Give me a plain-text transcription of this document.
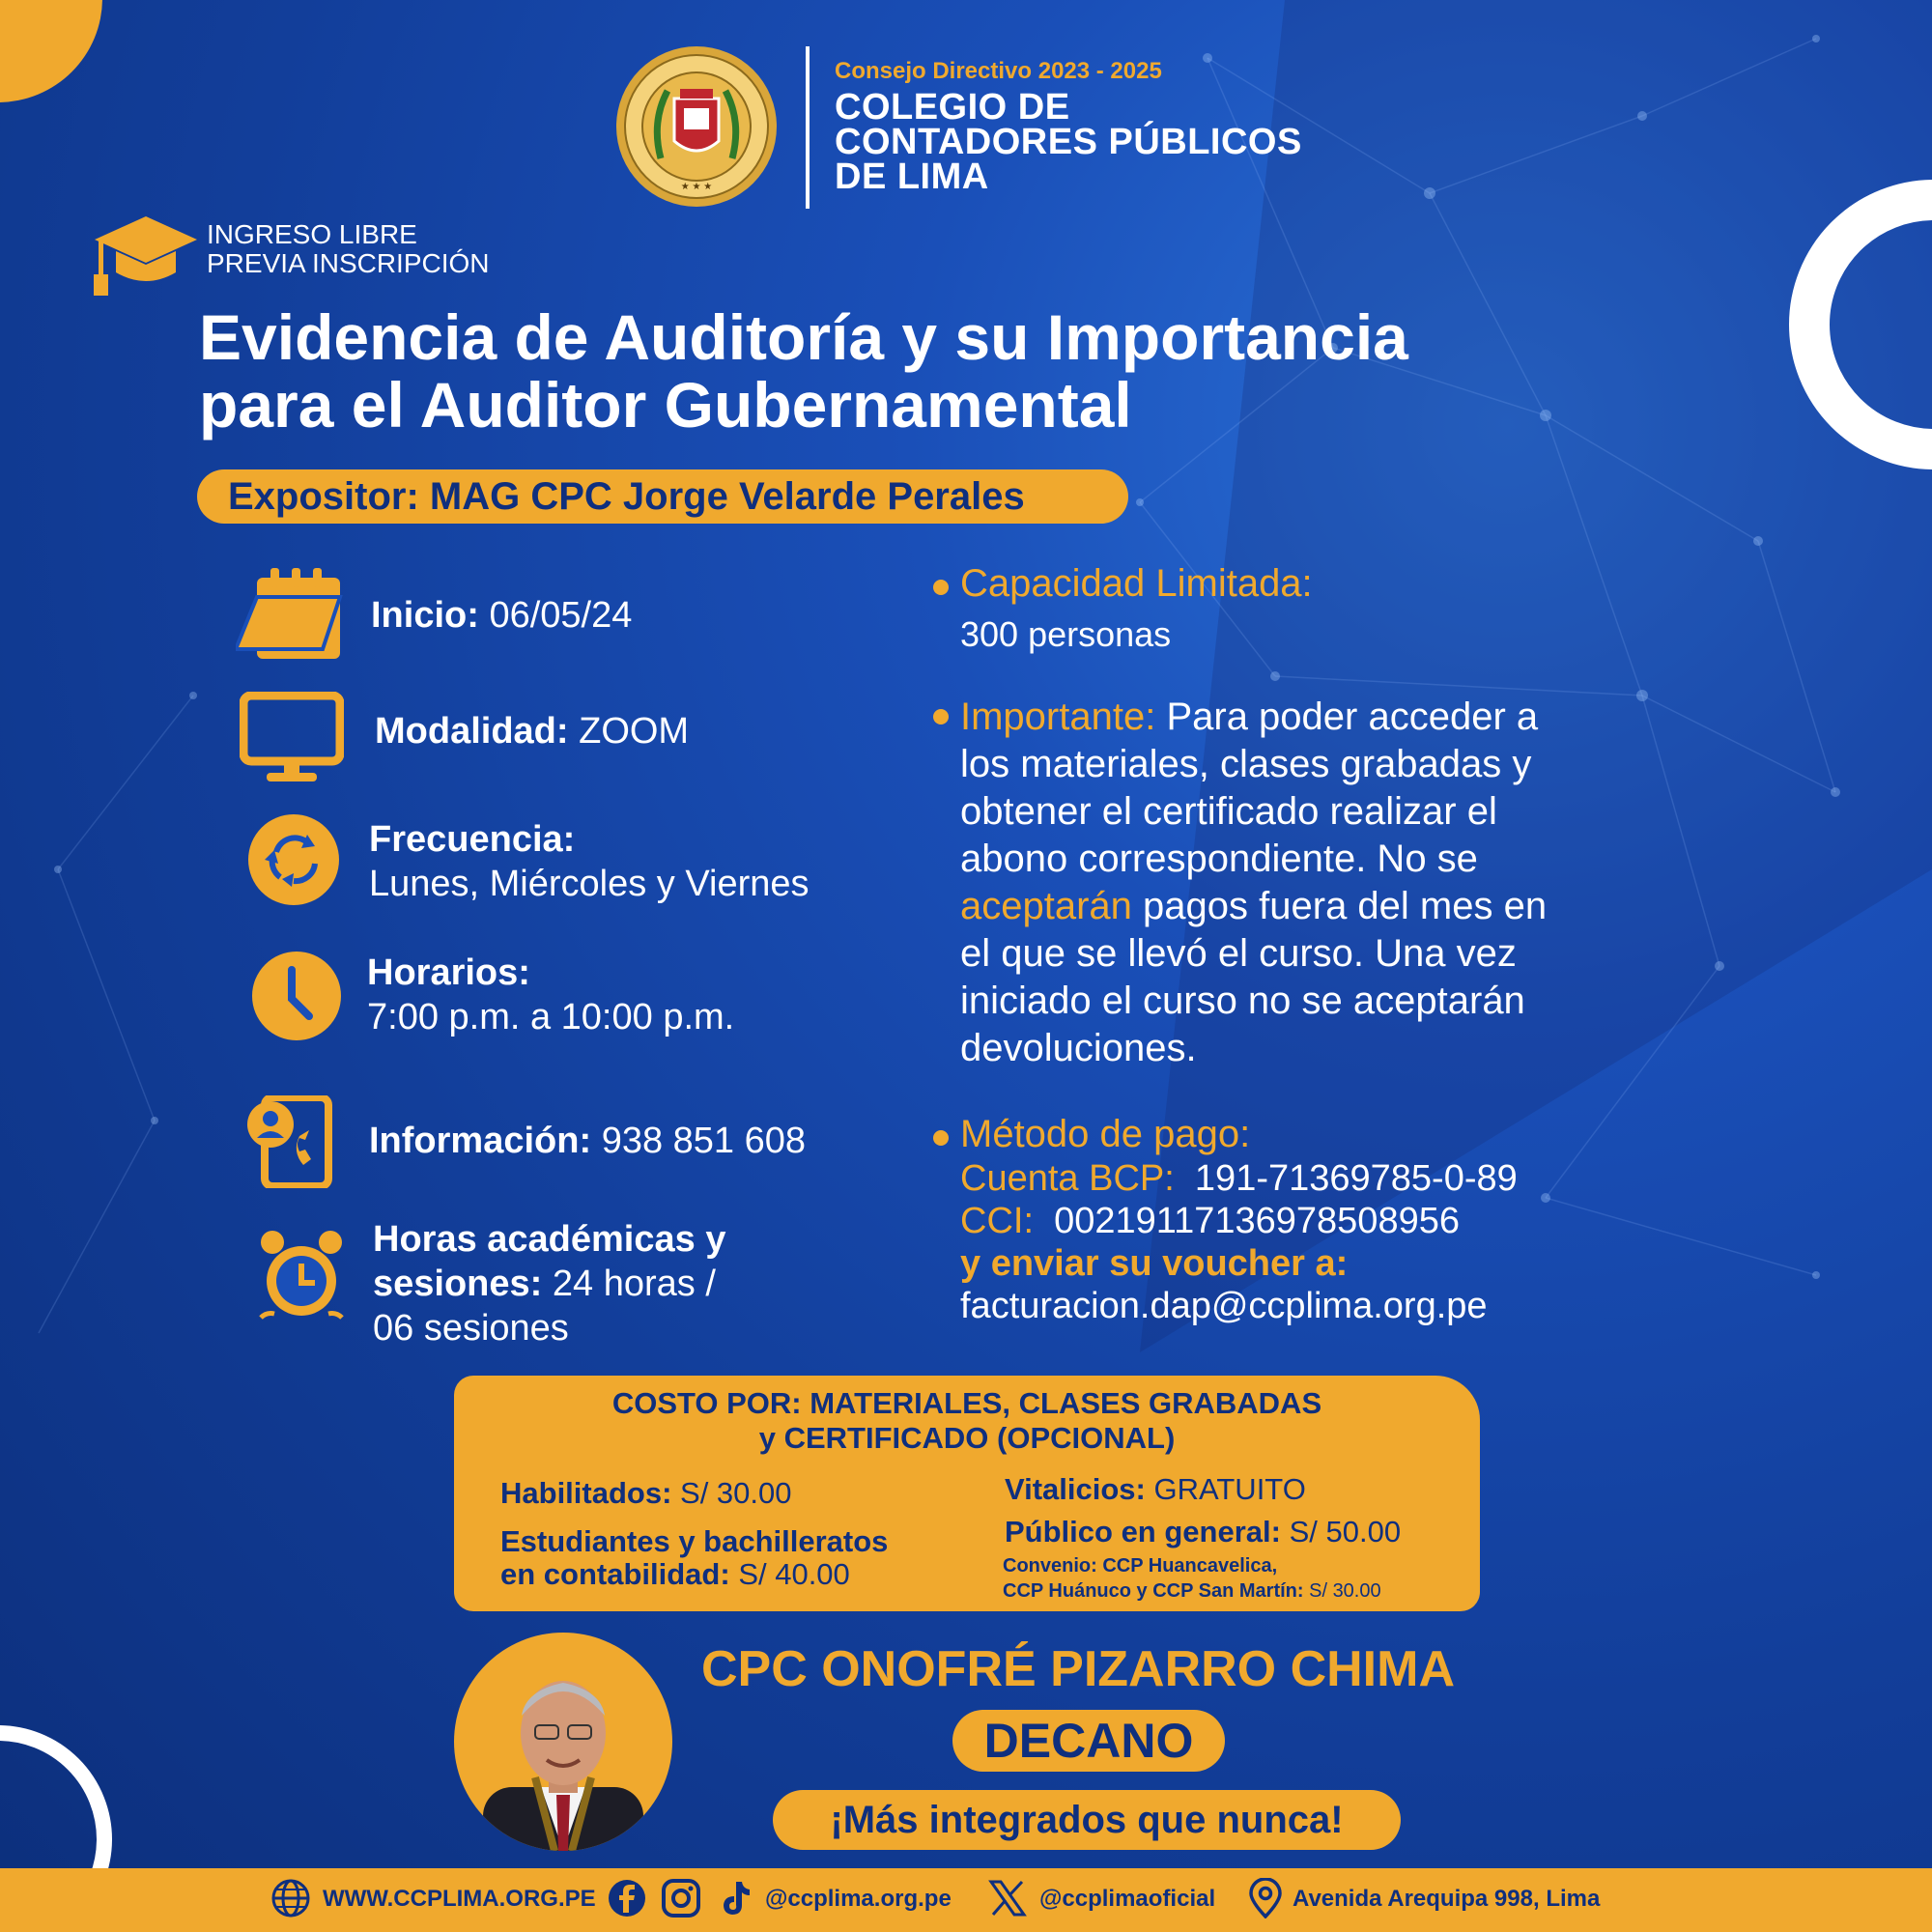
★ ★ ★
Consejo Directivo 2023 - 2025
COLEGIO DE
CONTADORES PÚBLICOS
DE LIMA
INGRESO LIBRE
PREVIA INSCRIPCIÓN
Evidencia de Auditoría y su Importancia
para el Auditor Gubernamental
Expositor: MAG CPC Jorge Velarde Perales
Inicio: 06/05/24
Modalidad: ZOOM
Frecuencia:
Lunes, Miércoles y Viernes
Horarios:
7:00 p.m. a 10:00 p.m.
Información: 938 851 608
Horas académicas y
sesiones: 24 horas /
06 sesiones
Capacidad Limitada:
300 personas
Importante: Para poder acceder a
los materiales, clases grabadas y
obtener el certificado realizar el
abono correspondiente. No se
aceptarán pagos fuera del mes en
el que se llevó el curso. Una vez
iniciado el curso no se aceptarán
devoluciones.
Método de pago:
Cuenta BCP: 191-71369785-0-89
CCI: 00219117136978508956
y enviar su voucher a:
facturacion.dap@ccplima.org.pe
COSTO POR: MATERIALES, CLASES GRABADAS
y CERTIFICADO (OPCIONAL)
Habilitados: S/ 30.00
Estudiantes y bachilleratos
en contabilidad: S/ 40.00
Vitalicios: GRATUITO
Público en general: S/ 50.00
Convenio: CCP Huancavelica,
CCP Huánuco y CCP San Martín: S/ 30.00
CPC ONOFRÉ PIZARRO CHIMA
DECANO
¡Más integrados que nunca!
WWW.CCPLIMA.ORG.PE	@ccplima.org.pe	@ccplimaoficial	Avenida Arequipa 998, Lima
